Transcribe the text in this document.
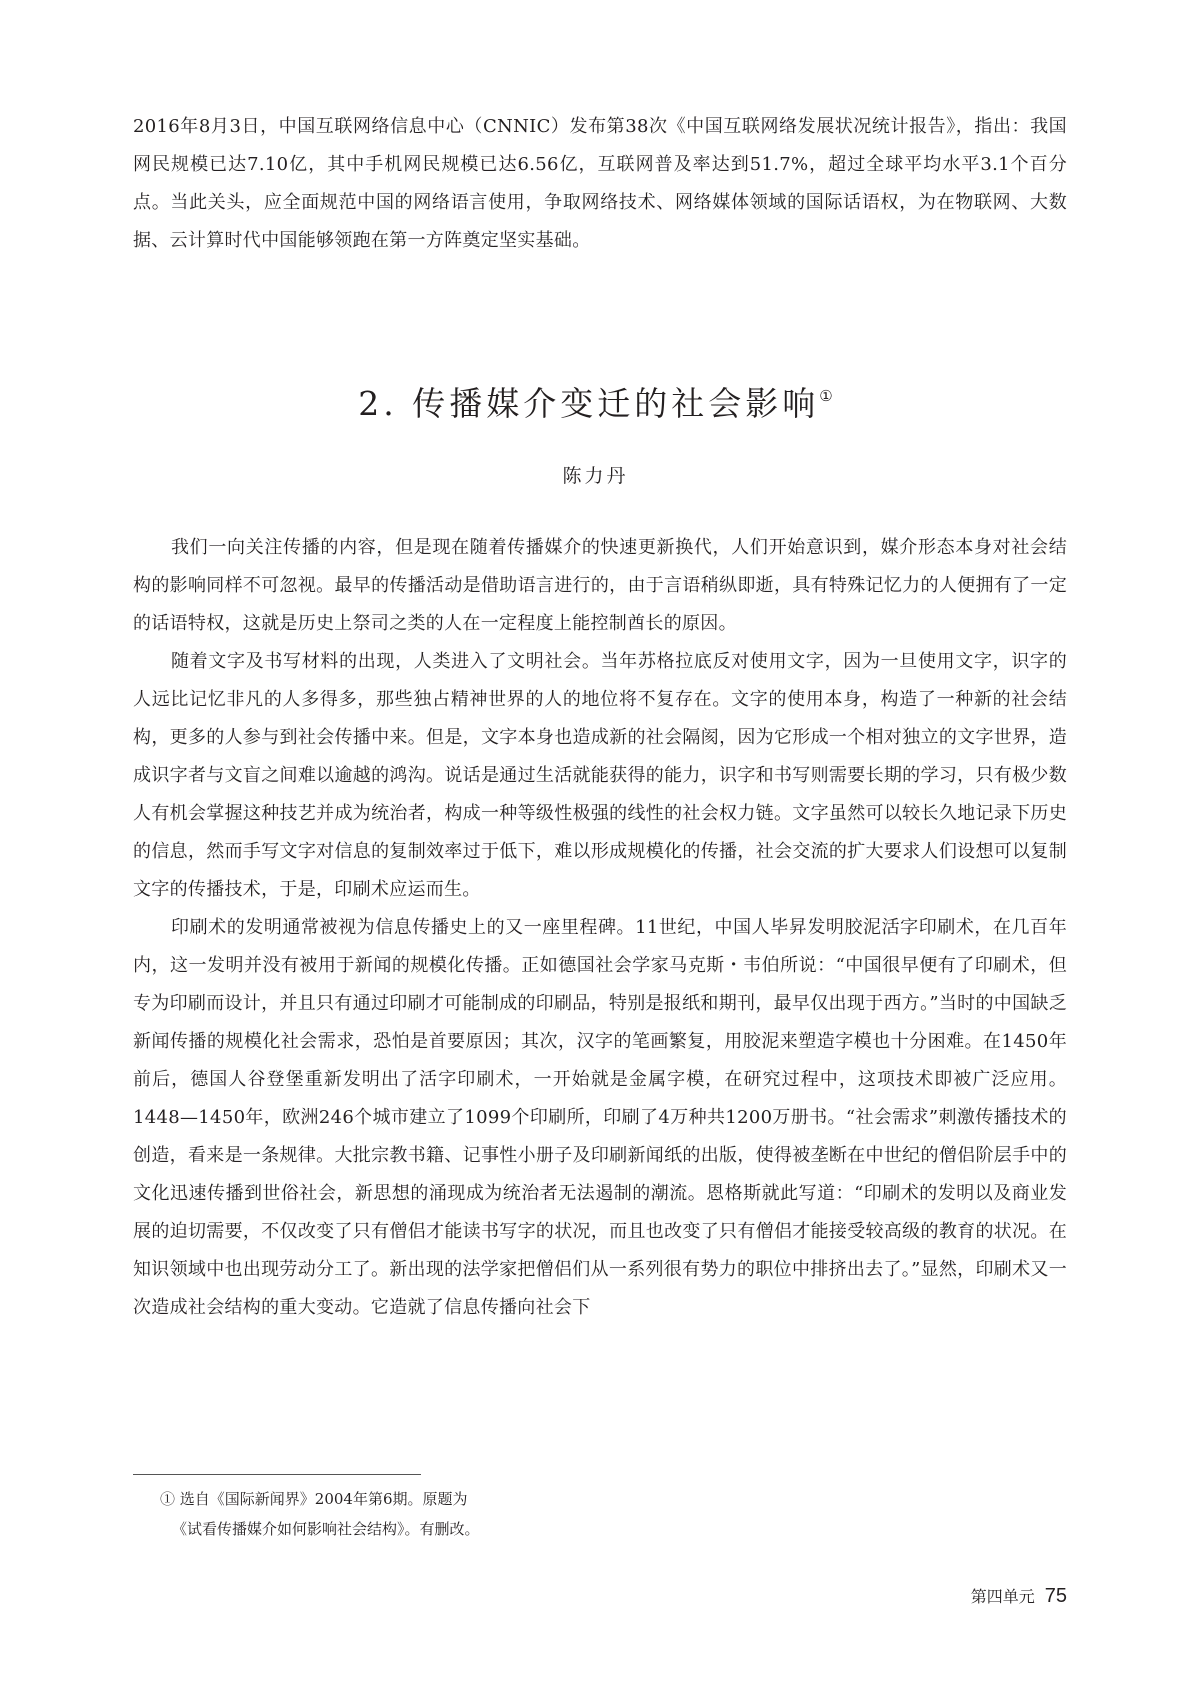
2016年8月3日，中国互联网络信息中心（CNNIC）发布第38次《中国互联网络发展状况统计报告》，指出：我国网民规模已达7.10亿，其中手机网民规模已达6.56亿，互联网普及率达到51.7%，超过全球平均水平3.1个百分点。当此关头，应全面规范中国的网络语言使用，争取网络技术、网络媒体领域的国际话语权，为在物联网、大数据、云计算时代中国能够领跑在第一方阵奠定坚实基础。

2. 传播媒介变迁的社会影响①

陈力丹

我们一向关注传播的内容，但是现在随着传播媒介的快速更新换代，人们开始意识到，媒介形态本身对社会结构的影响同样不可忽视。最早的传播活动是借助语言进行的，由于言语稍纵即逝，具有特殊记忆力的人便拥有了一定的话语特权，这就是历史上祭司之类的人在一定程度上能控制酋长的原因。

随着文字及书写材料的出现，人类进入了文明社会。当年苏格拉底反对使用文字，因为一旦使用文字，识字的人远比记忆非凡的人多得多，那些独占精神世界的人的地位将不复存在。文字的使用本身，构造了一种新的社会结构，更多的人参与到社会传播中来。但是，文字本身也造成新的社会隔阂，因为它形成一个相对独立的文字世界，造成识字者与文盲之间难以逾越的鸿沟。说话是通过生活就能获得的能力，识字和书写则需要长期的学习，只有极少数人有机会掌握这种技艺并成为统治者，构成一种等级性极强的线性的社会权力链。文字虽然可以较长久地记录下历史的信息，然而手写文字对信息的复制效率过于低下，难以形成规模化的传播，社会交流的扩大要求人们设想可以复制文字的传播技术，于是，印刷术应运而生。

印刷术的发明通常被视为信息传播史上的又一座里程碑。11世纪，中国人毕昇发明胶泥活字印刷术，在几百年内，这一发明并没有被用于新闻的规模化传播。正如德国社会学家马克斯・韦伯所说：“中国很早便有了印刷术，但专为印刷而设计，并且只有通过印刷才可能制成的印刷品，特别是报纸和期刊，最早仅出现于西方。”当时的中国缺乏新闻传播的规模化社会需求，恐怕是首要原因；其次，汉字的笔画繁复，用胶泥来塑造字模也十分困难。在1450年前后，德国人谷登堡重新发明出了活字印刷术，一开始就是金属字模，在研究过程中，这项技术即被广泛应用。1448—1450年，欧洲246个城市建立了1099个印刷所，印刷了4万种共1200万册书。“社会需求”刺激传播技术的创造，看来是一条规律。大批宗教书籍、记事性小册子及印刷新闻纸的出版，使得被垄断在中世纪的僧侣阶层手中的文化迅速传播到世俗社会，新思想的涌现成为统治者无法遏制的潮流。恩格斯就此写道：“印刷术的发明以及商业发展的迫切需要，不仅改变了只有僧侣才能读书写字的状况，而且也改变了只有僧侣才能接受较高级的教育的状况。在知识领域中也出现劳动分工了。新出现的法学家把僧侣们从一系列很有势力的职位中排挤出去了。”显然，印刷术又一次造成社会结构的重大变动。它造就了信息传播向社会下

① 选自《国际新闻界》2004年第6期。原题为

《试看传播媒介如何影响社会结构》。有删改。

第四单元 75
